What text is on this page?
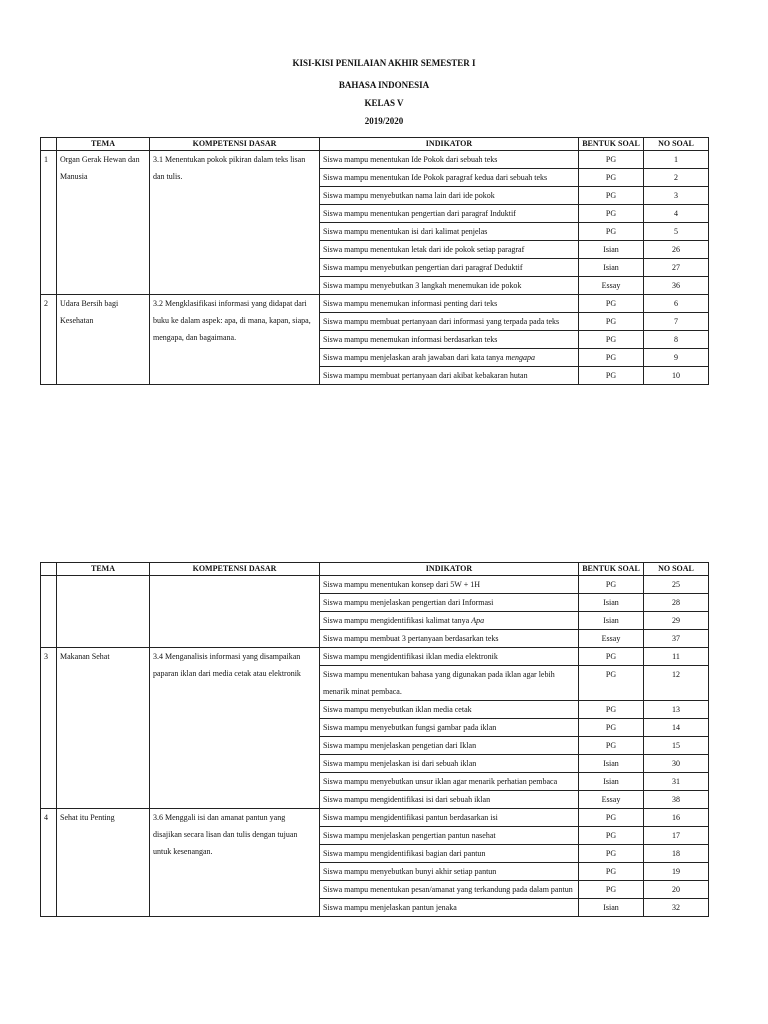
KISI-KISI PENILAIAN AKHIR SEMESTER I
BAHASA INDONESIA
KELAS V
2019/2020
	TEMA	KOMPETENSI DASAR	INDIKATOR	BENTUK SOAL	NO SOAL
1	Organ Gerak Hewan dan Manusia	3.1 Menentukan pokok pikiran dalam teks lisan dan tulis.	Siswa mampu menentukan Ide Pokok dari sebuah teks	PG	1
			Siswa mampu menentukan Ide Pokok paragraf kedua dari sebuah teks	PG	2
			Siswa mampu menyebutkan nama lain dari ide pokok	PG	3
			Siswa mampu menentukan pengertian dari paragraf Induktif	PG	4
			Siswa mampu menentukan isi dari kalimat penjelas	PG	5
			Siswa mampu menentukan letak dari ide pokok setiap paragraf	Isian	26
			Siswa mampu menyebutkan pengertian dari paragraf Deduktif	Isian	27
			Siswa mampu menyebutkan 3 langkah menemukan ide pokok	Essay	36
2	Udara Bersih bagi Kesehatan	3.2 Mengklasifikasi informasi yang didapat dari buku ke dalam aspek: apa, di mana, kapan, siapa, mengapa, dan bagaimana.	Siswa mampu menemukan informasi penting dari teks	PG	6
			Siswa mampu membuat pertanyaan dari informasi yang terpada pada teks	PG	7
			Siswa mampu menemukan informasi berdasarkan teks	PG	8
			Siswa mampu menjelaskan arah jawaban dari kata tanya mengapa	PG	9
			Siswa mampu membuat pertanyaan dari akibat kebakaran hutan	PG	10
	TEMA	KOMPETENSI DASAR	INDIKATOR	BENTUK SOAL	NO SOAL
			Siswa mampu menentukan konsep dari 5W + 1H	PG	25
			Siswa mampu menjelaskan pengertian dari Informasi	Isian	28
			Siswa mampu mengidentifikasi kalimat tanya Apa	Isian	29
			Siswa mampu membuat 3 pertanyaan berdasarkan teks	Essay	37
3	Makanan Sehat	3.4 Menganalisis informasi yang disampaikan paparan iklan dari media cetak atau elektronik	Siswa mampu mengidentifikasi iklan media elektronik	PG	11
			Siswa mampu menentukan bahasa yang digunakan pada iklan agar lebih menarik minat pembaca.	PG	12
			Siswa mampu menyebutkan iklan media cetak	PG	13
			Siswa mampu menyebutkan fungsi gambar pada iklan	PG	14
			Siswa mampu menjelaskan pengetian dari Iklan	PG	15
			Siswa mampu menjelaskan isi dari sebuah iklan	Isian	30
			Siswa mampu menyebutkan unsur iklan agar menarik perhatian pembaca	Isian	31
			Siswa mampu mengidentifikasi isi dari sebuah iklan	Essay	38
4	Sehat itu Penting	3.6 Menggali isi dan amanat pantun yang disajikan secara lisan dan tulis dengan tujuan untuk kesenangan.	Siswa mampu mengidentifikasi pantun berdasarkan isi	PG	16
			Siswa mampu menjelaskan pengertian pantun nasehat	PG	17
			Siswa mampu mengidentifikasi bagian dari pantun	PG	18
			Siswa mampu menyebutkan bunyi akhir setiap pantun	PG	19
			Siswa mampu menentukan pesan/amanat yang terkandung pada dalam pantun	PG	20
			Siswa mampu menjelaskan pantun jenaka	Isian	32
